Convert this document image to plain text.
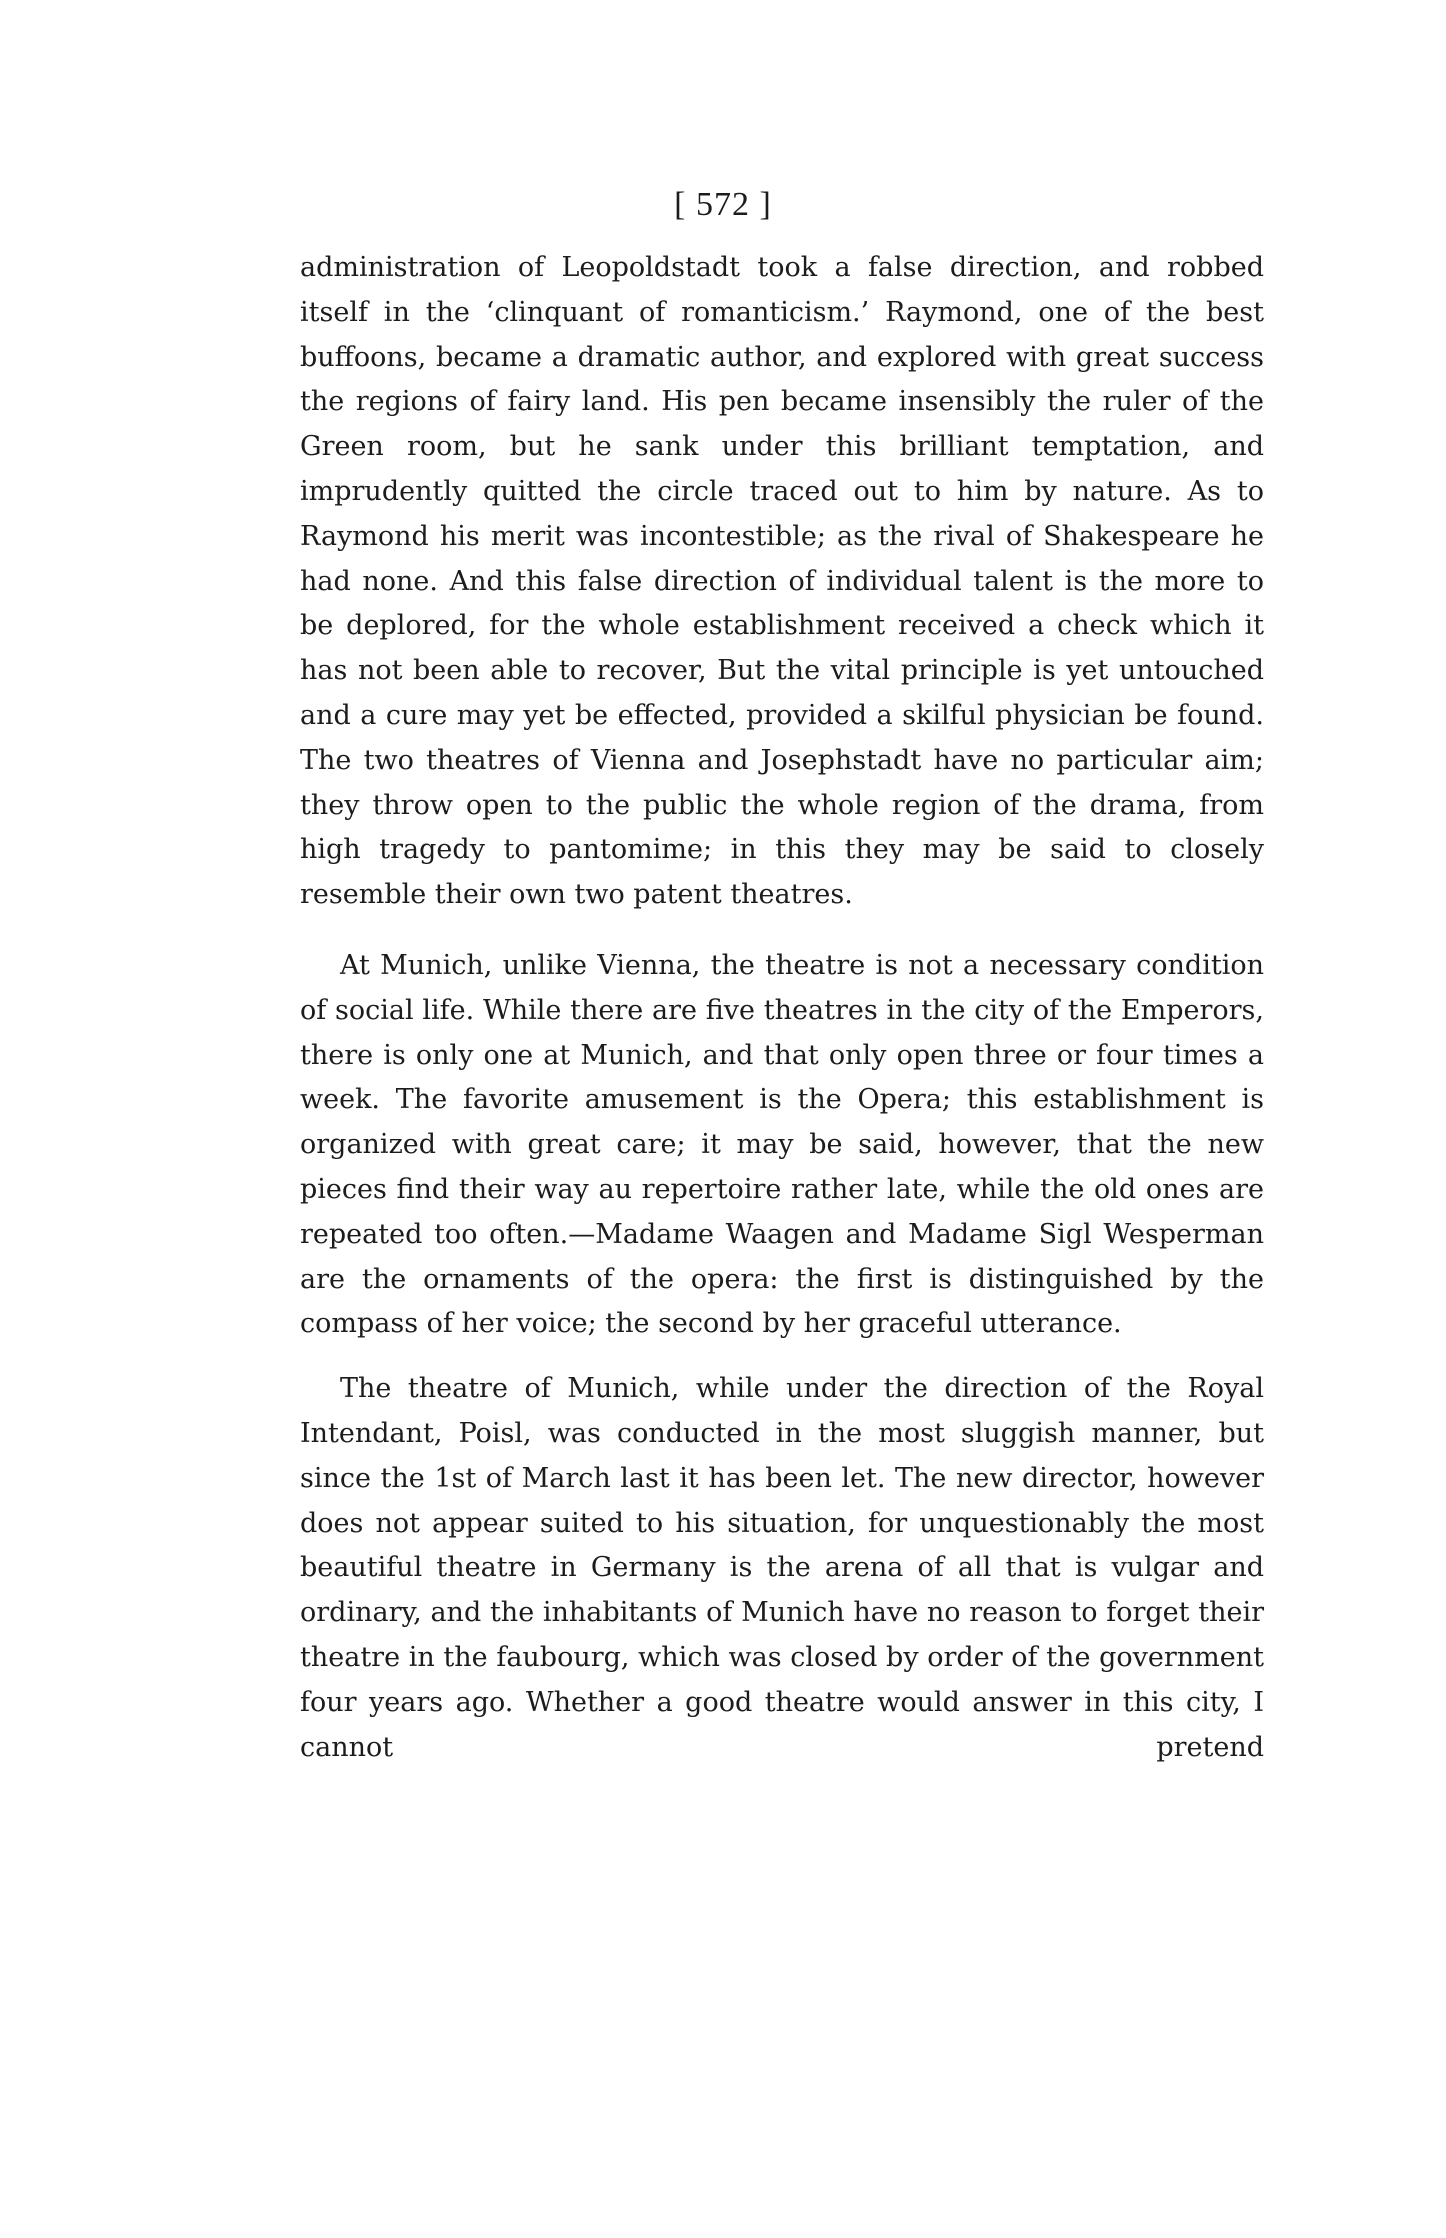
[ 572 ]

administration of Leopoldstadt took a false direction, and robbed itself in the ‘clinquant of romanticism.’ Raymond, one of the best buffoons, became a dramatic author, and explored with great success the regions of fairy land. His pen became insensibly the ruler of the Green room, but he sank under this brilliant temptation, and imprudently quitted the circle traced out to him by nature. As to Raymond his merit was incontestible; as the rival of Shakespeare he had none. And this false direction of individual talent is the more to be deplored, for the whole establishment received a check which it has not been able to recover, But the vital principle is yet untouched and a cure may yet be effected, provided a skilful physician be found. The two theatres of Vienna and Josephstadt have no particular aim; they throw open to the public the whole region of the drama, from high tragedy to pantomime; in this they may be said to closely resemble their own two patent theatres.

At Munich, unlike Vienna, the theatre is not a necessary condition of social life. While there are five theatres in the city of the Emperors, there is only one at Munich, and that only open three or four times a week. The favorite amusement is the Opera; this establishment is organized with great care; it may be said, however, that the new pieces find their way au repertoire rather late, while the old ones are repeated too often.—Madame Waagen and Madame Sigl Wesperman are the ornaments of the opera: the first is distinguished by the compass of her voice; the second by her graceful utterance.

The theatre of Munich, while under the direction of the Royal Intendant, Poisl, was conducted in the most sluggish manner, but since the 1st of March last it has been let. The new director, however does not appear suited to his situation, for unquestionably the most beautiful theatre in Germany is the arena of all that is vulgar and ordinary, and the inhabitants of Munich have no reason to forget their theatre in the faubourg, which was closed by order of the government four years ago. Whether a good theatre would answer in this city, I cannot pretend
